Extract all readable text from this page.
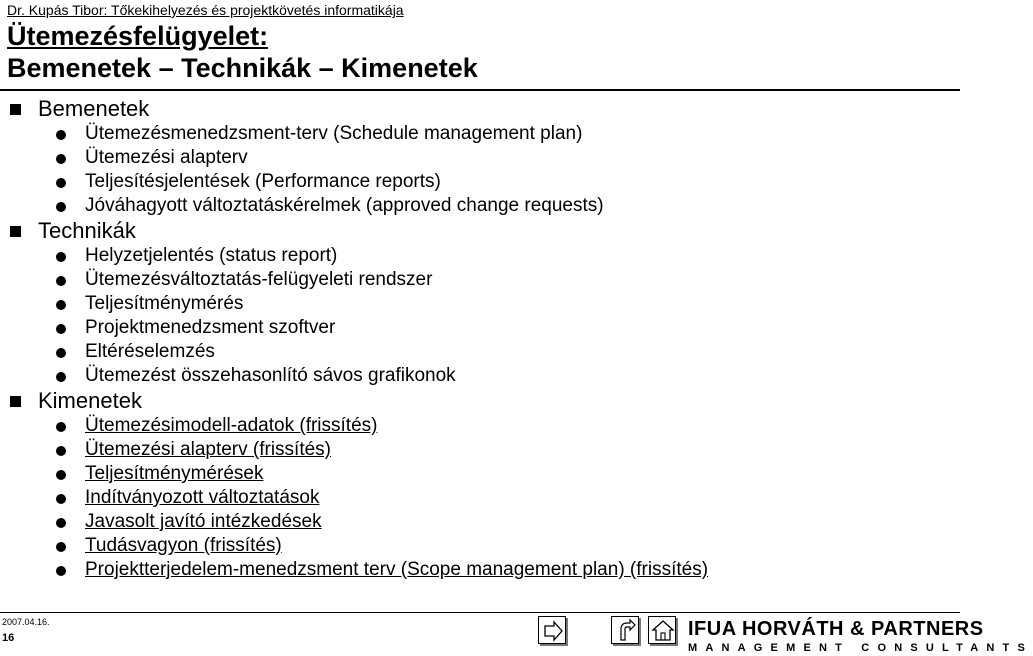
Dr. Kupás Tibor: Tőkekihelyezés és projektkövetés informatikája
Ütemezésfelügyelet:
Bemenetek – Technikák – Kimenetek
Bemenetek
Ütemezésmenedzsment-terv (Schedule management plan)
Ütemezési alapterv
Teljesítésjelentések (Performance reports)
Jóváhagyott változtatáskérelmek (approved change requests)
Technikák
Helyzetjelentés (status report)
Ütemezésváltoztatás-felügyeleti rendszer
Teljesítménymérés
Projektmenedzsment szoftver
Eltéréselemzés
Ütemezést összehasonlító sávos grafikonok
Kimenetek
Ütemezésimodell-adatok (frissítés)
Ütemezési alapterv (frissítés)
Teljesítménymérések
Indítványozott változtatások
Javasolt javító intézkedések
Tudásvagyon (frissítés)
Projektterjedelem-menedzsment terv (Scope management plan) (frissítés)
2007.04.16.
16	IFUA HORVÁTH & PARTNERS
MANAGEMENT CONSULTANTS
